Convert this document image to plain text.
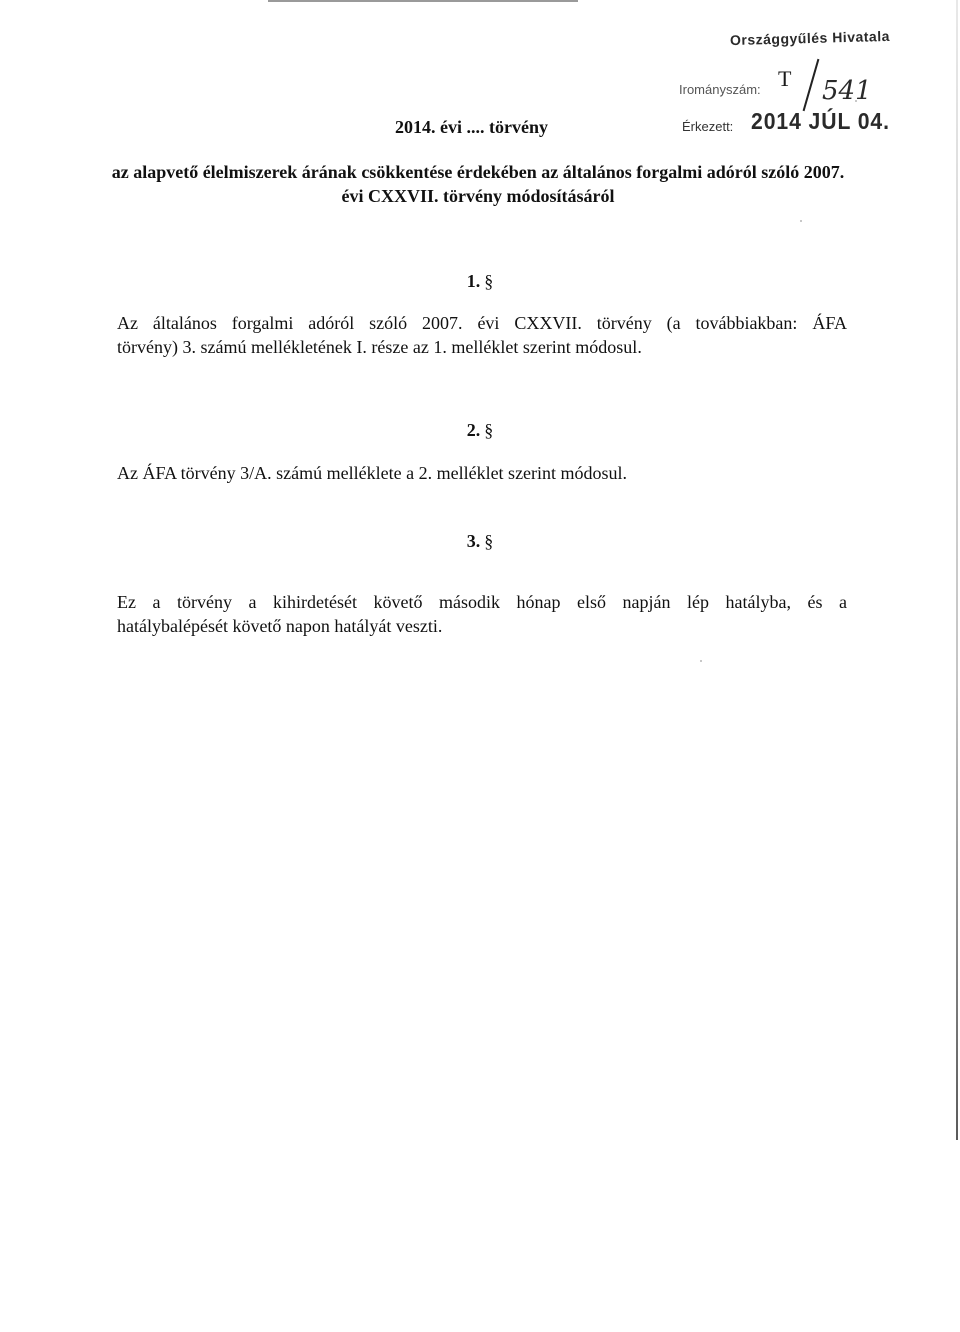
Országgyűlés Hivatala
Irományszám: T 541
Érkezett: 2014 JÚL 04.
2014. évi .... törvény
az alapvető élelmiszerek árának csökkentése érdekében az általános forgalmi adóról szóló 2007. évi CXXVII. törvény módosításáról
1. §
Az általános forgalmi adóról szóló 2007. évi CXXVII. törvény (a továbbiakban: ÁFA
törvény) 3. számú mellékletének I. része az 1. melléklet szerint módosul.
2. §
Az ÁFA törvény 3/A. számú melléklete a 2. melléklet szerint módosul.
3. §
Ez a törvény a kihirdetését követő második hónap első napján lép hatályba, és a
hatálybalépését követő napon hatályát veszti.
